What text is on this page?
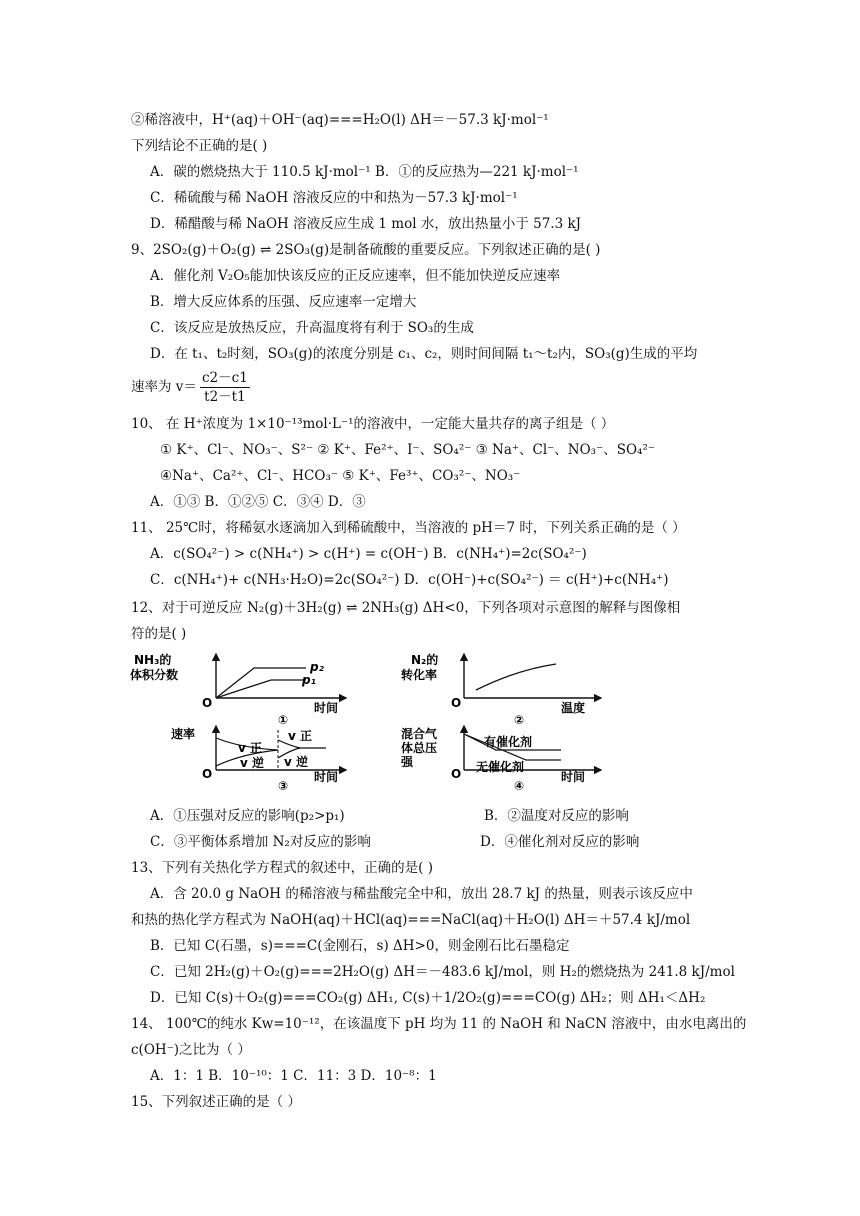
②稀溶液中，H⁺(aq)＋OH⁻(aq)===H₂O(l) ΔH＝－57.3 kJ·mol⁻¹
下列结论不正确的是( )
A．碳的燃烧热大于 110.5 kJ·mol⁻¹ B．①的反应热为—221 kJ·mol⁻¹
C．稀硫酸与稀 NaOH 溶液反应的中和热为－57.3 kJ·mol⁻¹
D．稀醋酸与稀 NaOH 溶液反应生成 1 mol 水，放出热量小于 57.3 kJ
9、2SO₂(g)＋O₂(g) ⇌ 2SO₃(g)是制备硫酸的重要反应。下列叙述正确的是( )
A．催化剂 V₂O₅能加快该反应的正反应速率，但不能加快逆反应速率
B．增大反应体系的压强、反应速率一定增大
C．该反应是放热反应，升高温度将有利于 SO₃的生成
D．在 t₁、t₂时刻，SO₃(g)的浓度分别是 c₁、c₂，则时间间隔 t₁～t₂内，SO₃(g)生成的平均
速率为 $v= \frac{c2-c1}{t2-t1}$
10、 在 H⁺浓度为 1×10⁻¹³mol·L⁻¹的溶液中，一定能大量共存的离子组是（ ）
① K⁺、Cl⁻、NO₃⁻、S²⁻ ② K⁺、Fe²⁺、I⁻、SO₄²⁻ ③ Na⁺、Cl⁻、NO₃⁻、SO₄²⁻
④Na⁺、Ca²⁺、Cl⁻、HCO₃⁻ ⑤ K⁺、Fe³⁺、CO₃²⁻、NO₃⁻
A．①③ B．①②⑤ C．③④ D．③
11、 25℃时，将稀氨水逐滴加入到稀硫酸中，当溶液的 pH＝7 时，下列关系正确的是（ ）
A．c(SO₄²⁻) > c(NH₄⁺) > c(H⁺) = c(OH⁻) B．c(NH₄⁺)=2c(SO₄²⁻)
C．c(NH₄⁺)+ c(NH₃·H₂O)=2c(SO₄²⁻) D．c(OH⁻)+c(SO₄²⁻) ＝ c(H⁺)+c(NH₄⁺)
12、对于可逆反应 N₂(g)＋3H₂(g) ⇌ 2NH₃(g) ΔH<0，下列各项对示意图的解释与图像相
符的是( )
NH₃的
体积分数
O	时间
p₂
p₁
①
N₂的
转化率
O	温度
②
速率
O	时间
v 正
v 逆
v 正
v 逆
③
混合气
体总压
强
O	时间
有催化剂
无催化剂
④
A．①压强对反应的影响(p₂>p₁)	B．②温度对反应的影响
C．③平衡体系增加 N₂对反应的影响	D．④催化剂对反应的影响
13、下列有关热化学方程式的叙述中，正确的是( )
A．含 20.0 g NaOH 的稀溶液与稀盐酸完全中和，放出 28.7 kJ 的热量，则表示该反应中
和热的热化学方程式为 NaOH(aq)＋HCl(aq)===NaCl(aq)＋H₂O(l) ΔH＝＋57.4 kJ/mol
B．已知 C(石墨，s)===C(金刚石，s) ΔH>0，则金刚石比石墨稳定
C．已知 2H₂(g)＋O₂(g)===2H₂O(g) ΔH＝－483.6 kJ/mol，则 H₂的燃烧热为 241.8 kJ/mol
D．已知 C(s)＋O₂(g)===CO₂(g) ΔH₁, C(s)＋1/2O₂(g)===CO(g) ΔH₂；则 ΔH₁＜ΔH₂
14、 100℃的纯水 Kw=10⁻¹²，在该温度下 pH 均为 11 的 NaOH 和 NaCN 溶液中，由水电离出的
c(OH⁻)之比为（ ）
A．1：1 B．10⁻¹⁰：1 C．11：3 D．10⁻⁸：1
15、下列叙述正确的是（ ）
